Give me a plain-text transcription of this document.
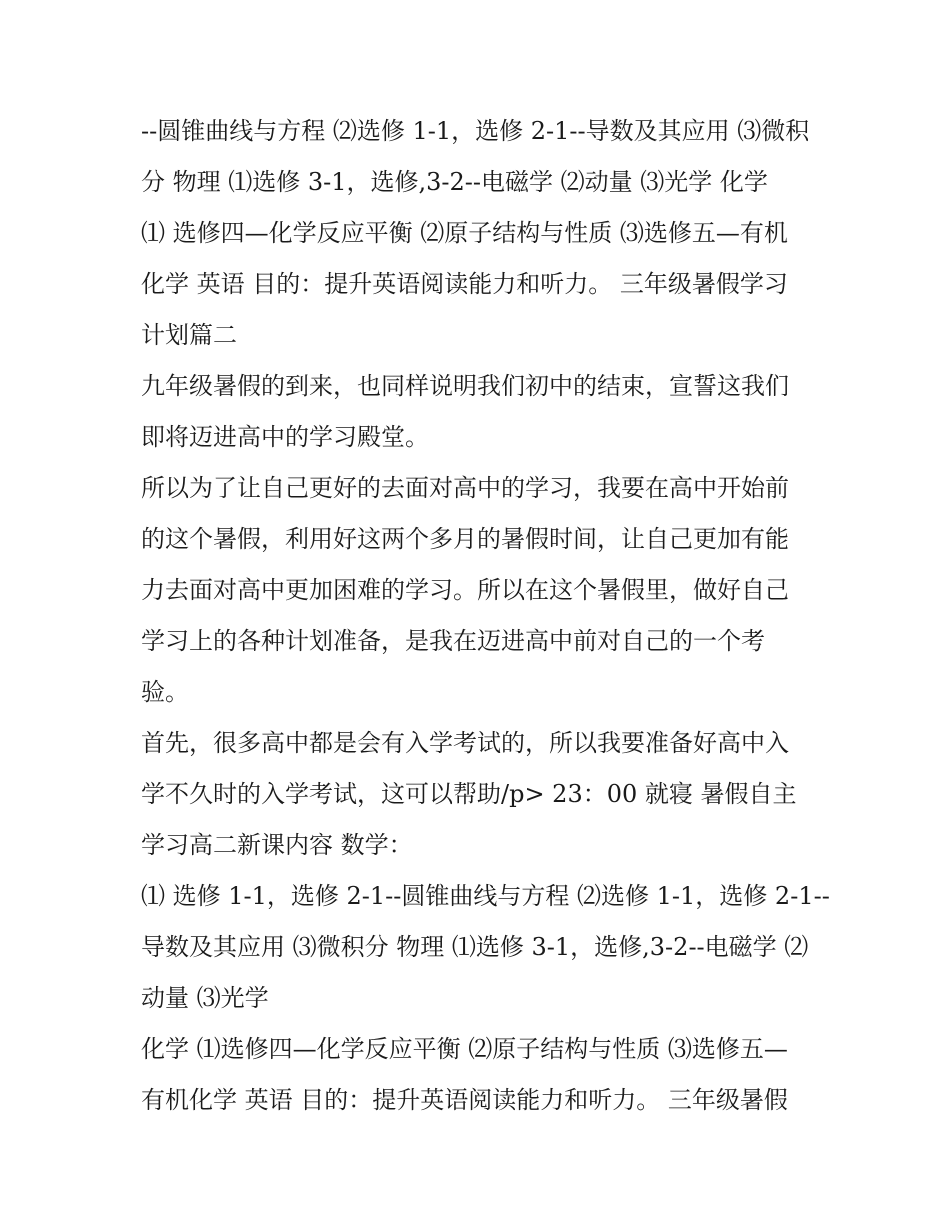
--圆锥曲线与方程 ⑵选修 1-1，选修 2-1--导数及其应用 ⑶微积
分 物理 ⑴选修 3-1，选修,3-2--电磁学 ⑵动量 ⑶光学 化学
⑴ 选修四—化学反应平衡 ⑵原子结构与性质 ⑶选修五—有机
化学 英语 目的：提升英语阅读能力和听力。 三年级暑假学习
计划篇二

九年级暑假的到来，也同样说明我们初中的结束，宣誓这我们
即将迈进高中的学习殿堂。

所以为了让自己更好的去面对高中的学习，我要在高中开始前
的这个暑假，利用好这两个多月的暑假时间，让自己更加有能
力去面对高中更加困难的学习。所以在这个暑假里，做好自己
学习上的各种计划准备，是我在迈进高中前对自己的一个考
验。

首先，很多高中都是会有入学考试的，所以我要准备好高中入
学不久时的入学考试，这可以帮助/p> 23：00 就寝 暑假自主
学习高二新课内容 数学：

⑴ 选修 1-1，选修 2-1--圆锥曲线与方程 ⑵选修 1-1，选修 2-1--
导数及其应用 ⑶微积分 物理 ⑴选修 3-1，选修,3-2--电磁学 ⑵
动量 ⑶光学

化学 ⑴选修四—化学反应平衡 ⑵原子结构与性质 ⑶选修五—
有机化学 英语 目的：提升英语阅读能力和听力。 三年级暑假
